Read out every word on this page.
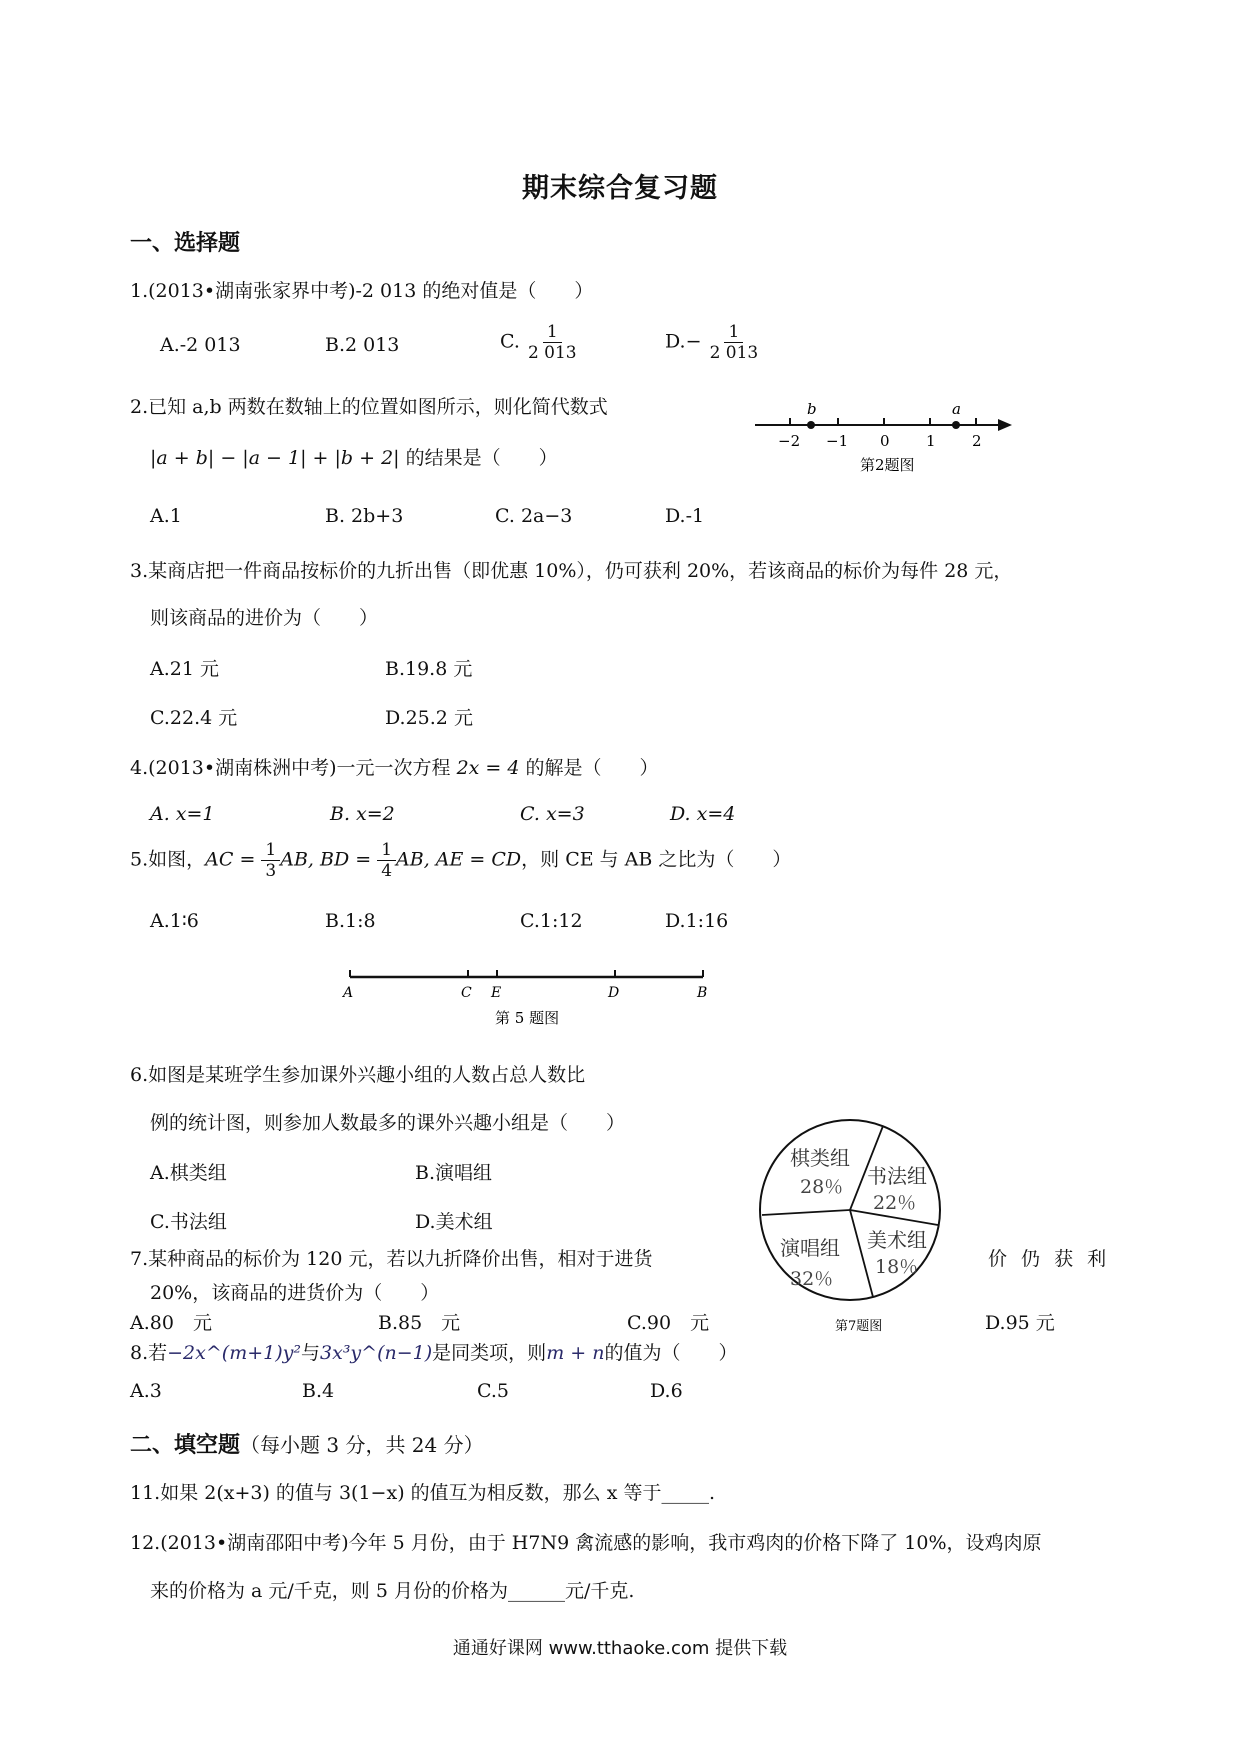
期末综合复习题
一、选择题
1.(2013•湖南张家界中考)-2 013 的绝对值是（　　）
A.-2 013	B.2 013	C. $\frac{1}{2 013}$	$D.- \frac{1}{2 013}$
2.已知 a,b 两数在数轴上的位置如图所示，则化简代数式
|a + b| − |a − 1| + |b + 2| 的结果是（　　）
A.1	B. 2b+3	C. 2a−3	D.-1
b	a
−2 −1 0 1 2
第2题图
3.某商店把一件商品按标价的九折出售（即优惠 10%），仍可获利 20%，若该商品的标价为每件 28 元，
则该商品的进价为（　　）
A.21 元	B.19.8 元
C.22.4 元	D.25.2 元
4.(2013•湖南株洲中考)一元一次方程 2x = 4 的解是（　　）
A. x=1	B. x=2	C. x=3	D. x=4
5.如图，AC = $\frac{1}{3}$ AB, BD = $\frac{1}{4}$ AB, AE = CD，则 CE 与 AB 之比为（　　）
A.1∶6	B.1:8	C.1:12	D.1:16
A	C E	D	B
第 5 题图
6.如图是某班学生参加课外兴趣小组的人数占总人数比
例的统计图，则参加人数最多的课外兴趣小组是（　　）
A.棋类组	B.演唱组
C.书法组	D.美术组
棋类组
28％ 书法组
22％
美术组
18％
演唱组
32％
第7题图
7.某种商品的标价为 120 元，若以九折降价出售，相对于进货	价 仍 获 利
20%，该商品的进货价为（　　）
A.80　元	B.85　元	C.90　元	D.95 元
8.若−2x^(m+1)y²与3x³y^(n−1)是同类项，则m + n的值为（　　）
A.3	B.4	C.5	D.6
二、填空题（每小题 3 分，共 24 分）
11.如果 2(x+3) 的值与 3(1−x) 的值互为相反数，那么 x 等于_____.
12.(2013•湖南邵阳中考)今年 5 月份，由于 H7N9 禽流感的影响，我市鸡肉的价格下降了 10%，设鸡肉原
来的价格为 a 元/千克，则 5 月份的价格为______元/千克.
通通好课网 www.tthaoke.com 提供下载
